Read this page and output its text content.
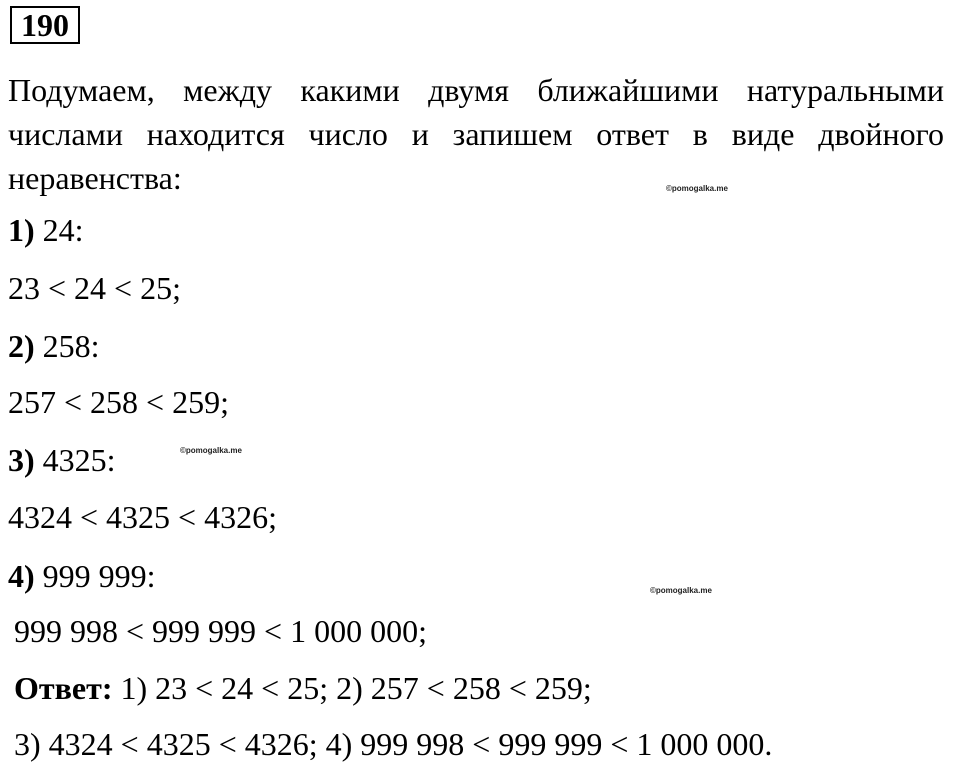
190

Подумаем, между какими двумя ближайшими натуральными числами находится число и запишем ответ в виде двойного неравенства:	©pomogalka.me

1) 24:

23 < 24 < 25;

2) 258:

257 < 258 < 259;

3) 4325:	©pomogalka.me

4324 < 4325 < 4326;

4) 999 999:	©pomogalka.me

999 998 < 999 999 < 1 000 000;

Ответ: 1) 23 < 24 < 25; 2) 257 < 258 < 259;

3) 4324 < 4325 < 4326; 4) 999 998 < 999 999 < 1 000 000.
